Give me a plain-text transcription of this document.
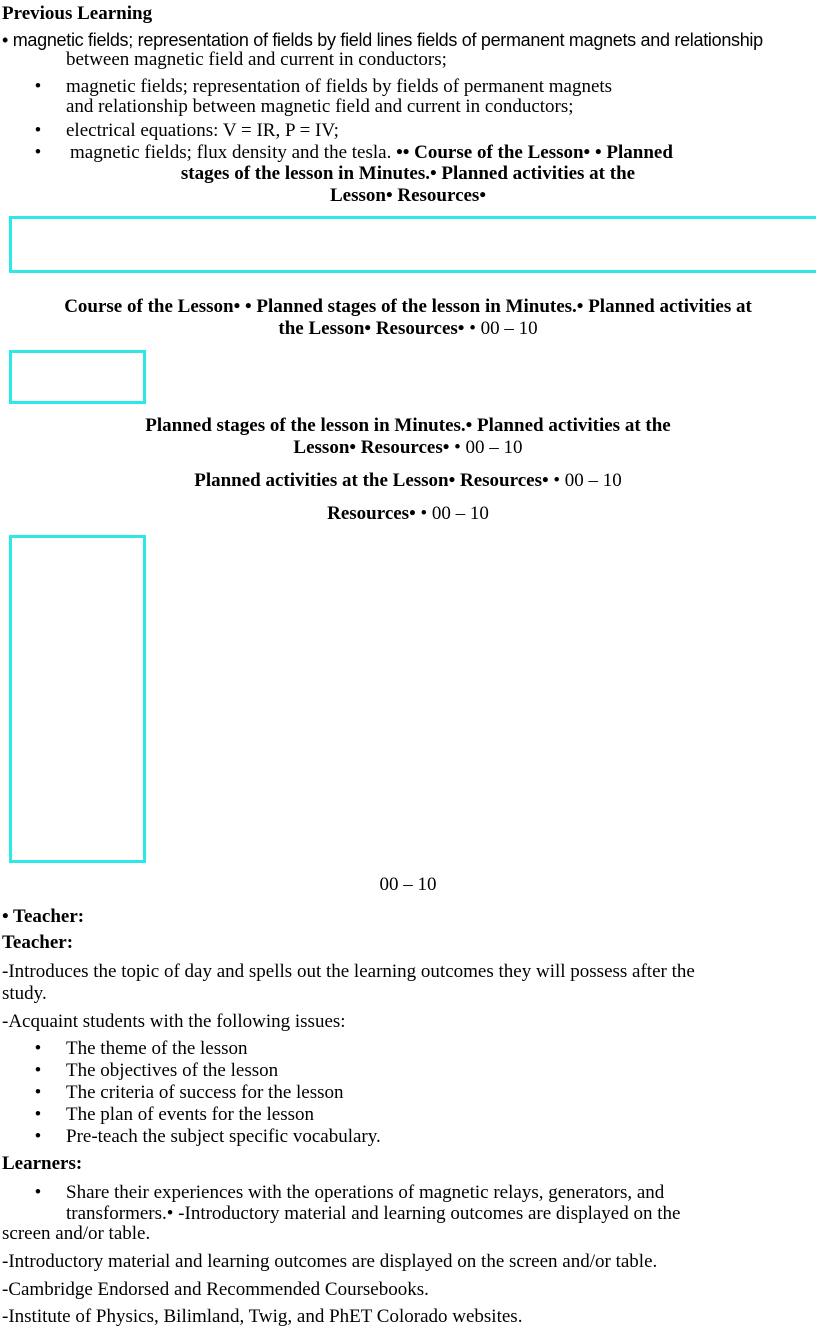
Previous Learning
• magnetic fields; representation of fields by field lines fields of permanent magnets and relationship
between magnetic field and current in conductors;
•	magnetic fields; representation of fields by fields of permanent magnets
and relationship between magnetic field and current in conductors;
•	electrical equations: V = IR, P = IV;
•	magnetic fields; flux density and the tesla. •• Course of the Lesson• • Planned
stages of the lesson in Minutes.• Planned activities at the
Lesson• Resources•
Course of the Lesson• • Planned stages of the lesson in Minutes.• Planned activities at
the Lesson• Resources• • 00 – 10
Planned stages of the lesson in Minutes.• Planned activities at the
Lesson• Resources• • 00 – 10
Planned activities at the Lesson• Resources• • 00 – 10
Resources• • 00 – 10
00 – 10
• Teacher:
Teacher:
-Introduces the topic of day and spells out the learning outcomes they will possess after the
study.
-Acquaint students with the following issues:
•	The theme of the lesson
•	The objectives of the lesson
•	The criteria of success for the lesson
•	The plan of events for the lesson
•	Pre-teach the subject specific vocabulary.
Learners:
•	Share their experiences with the operations of magnetic relays, generators, and
transformers.• -Introductory material and learning outcomes are displayed on the
screen and/or table.
-Introductory material and learning outcomes are displayed on the screen and/or table.
-Cambridge Endorsed and Recommended Coursebooks.
-Institute of Physics, Bilimland, Twig, and PhET Colorado websites.
